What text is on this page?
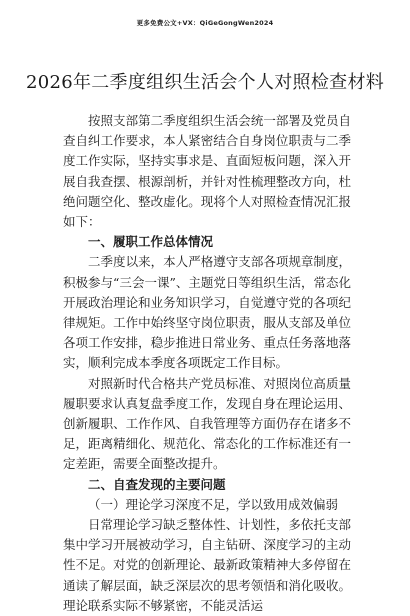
更多免费公文+VX：QiGeGongWen2024
2026年二季度组织生活会个人对照检查材料

按照支部第二季度组织生活会统一部署及党员自查自纠工作要求，本人紧密结合自身岗位职责与二季度工作实际，坚持实事求是、直面短板问题，深入开展自我查摆、根源剖析，并针对性梳理整改方向，杜绝问题空化、整改虚化。现将个人对照检查情况汇报如下：

一、履职工作总体情况

二季度以来，本人严格遵守支部各项规章制度，积极参与“三会一课”、主题党日等组织生活，常态化开展政治理论和业务知识学习，自觉遵守党的各项纪律规矩。工作中始终坚守岗位职责，服从支部及单位各项工作安排，稳步推进日常业务、重点任务落地落实，顺利完成本季度各项既定工作目标。

对照新时代合格共产党员标准、对照岗位高质量履职要求认真复盘季度工作，发现自身在理论运用、创新履职、工作作风、自我管理等方面仍存在诸多不足，距离精细化、规范化、常态化的工作标准还有一定差距，需要全面整改提升。

二、自查发现的主要问题

（一）理论学习深度不足，学以致用成效偏弱

日常理论学习缺乏整体性、计划性，多依托支部集中学习开展被动学习，自主钻研、深度学习的主动性不足。对党的创新理论、最新政策精神大多停留在通读了解层面，缺乏深层次的思考领悟和消化吸收。理论联系实际不够紧密，不能灵活运
